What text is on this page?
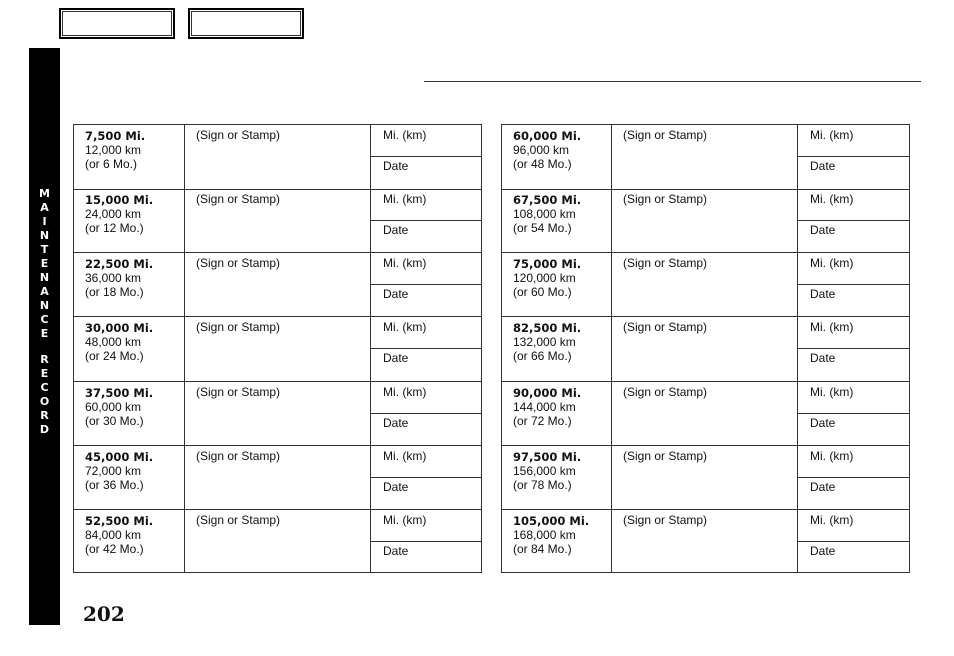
M
A
I
N
T
E
N
A
N
C
E

R
E
C
O
R
D
7,500 Mi.
12,000 km
(or 6 Mo.)
(Sign or Stamp)	Mi. (km)
Date
15,000 Mi.
24,000 km
(or 12 Mo.)
(Sign or Stamp)	Mi. (km)
Date
22,500 Mi.
36,000 km
(or 18 Mo.)
(Sign or Stamp)	Mi. (km)
Date
30,000 Mi.
48,000 km
(or 24 Mo.)
(Sign or Stamp)	Mi. (km)
Date
37,500 Mi.
60,000 km
(or 30 Mo.)
(Sign or Stamp)	Mi. (km)
Date
45,000 Mi.
72,000 km
(or 36 Mo.)
(Sign or Stamp)	Mi. (km)
Date
52,500 Mi.
84,000 km
(or 42 Mo.)
(Sign or Stamp)	Mi. (km)
Date
60,000 Mi.
96,000 km
(or 48 Mo.)
(Sign or Stamp)	Mi. (km)
Date
67,500 Mi.
108,000 km
(or 54 Mo.)
(Sign or Stamp)	Mi. (km)
Date
75,000 Mi.
120,000 km
(or 60 Mo.)
(Sign or Stamp)	Mi. (km)
Date
82,500 Mi.
132,000 km
(or 66 Mo.)
(Sign or Stamp)	Mi. (km)
Date
90,000 Mi.
144,000 km
(or 72 Mo.)
(Sign or Stamp)	Mi. (km)
Date
97,500 Mi.
156,000 km
(or 78 Mo.)
(Sign or Stamp)	Mi. (km)
Date
105,000 Mi.
168,000 km
(or 84 Mo.)
(Sign or Stamp)	Mi. (km)
Date
202
